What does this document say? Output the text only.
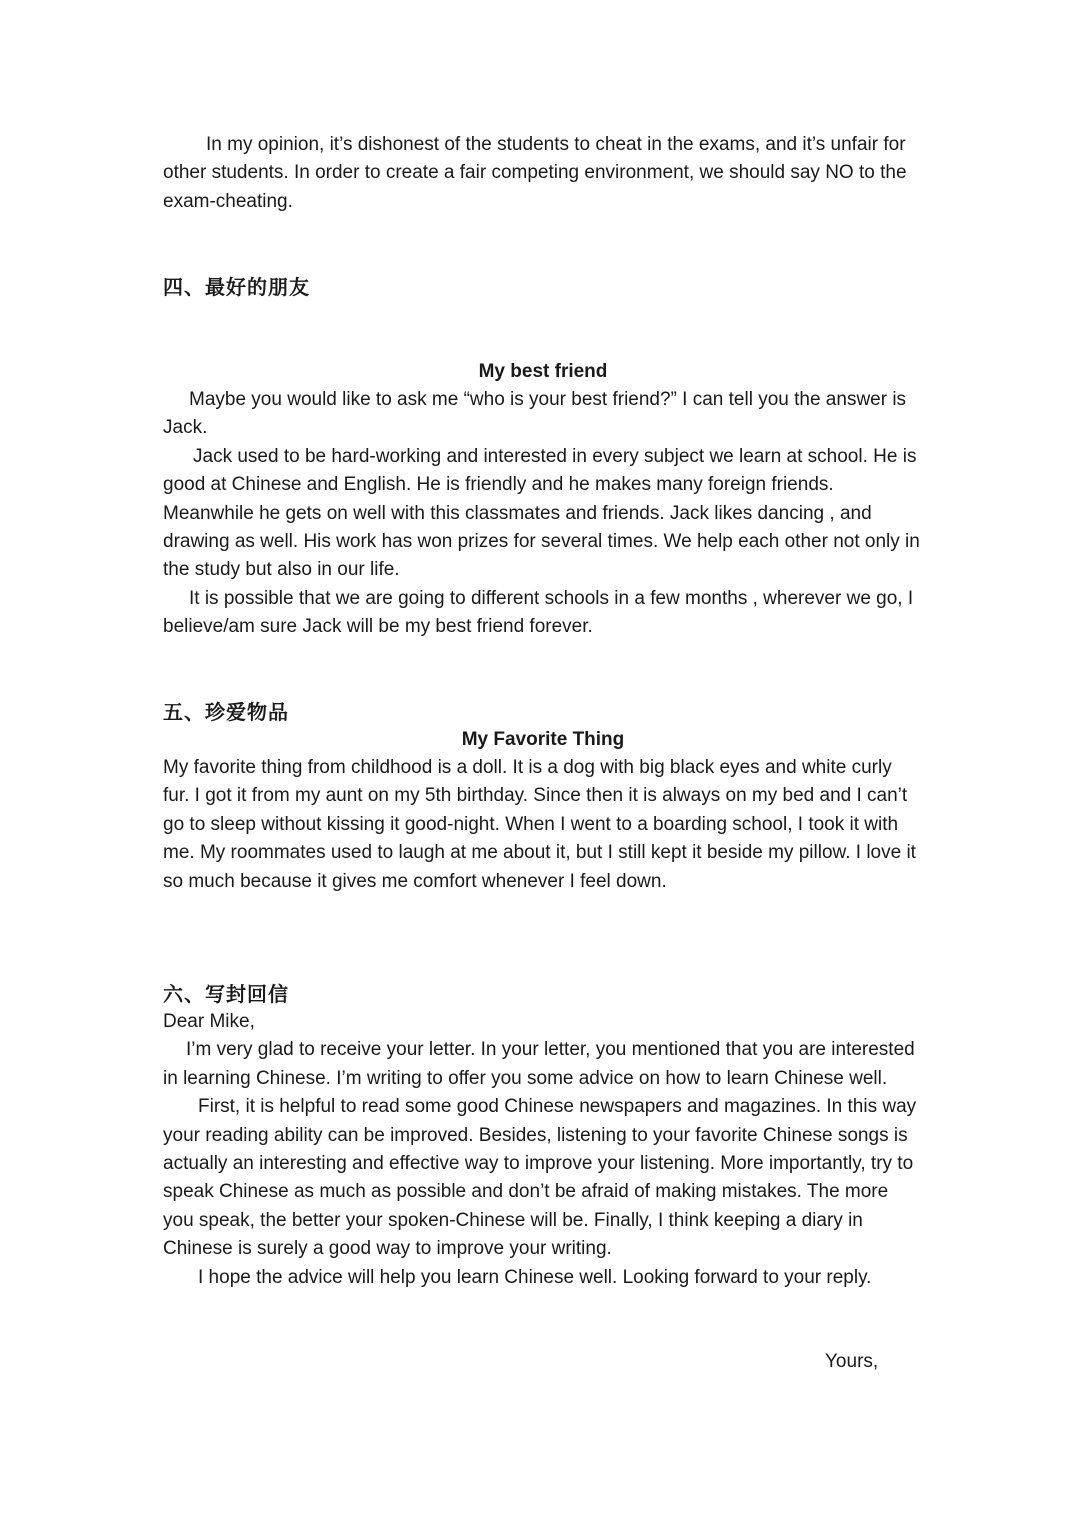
In my opinion, it’s dishonest of the students to cheat in the exams, and it’s unfair for other students. In order to create a fair competing environment, we should say NO to the exam-cheating.

四、最好的朋友
My best friend

Maybe you would like to ask me “who is your best friend?” I can tell you the answer is Jack.

Jack used to be hard-working and interested in every subject we learn at school. He is good at Chinese and English. He is friendly and he makes many foreign friends. Meanwhile he gets on well with this classmates and friends. Jack likes dancing , and drawing as well. His work has won prizes for several times. We help each other not only in the study but also in our life.

It is possible that we are going to different schools in a few months , wherever we go, I believe/am sure Jack will be my best friend forever.

五、珍爱物品
My Favorite Thing

My favorite thing from childhood is a doll. It is a dog with big black eyes and white curly fur. I got it from my aunt on my 5th birthday. Since then it is always on my bed and I can’t go to sleep without kissing it good-night. When I went to a boarding school, I took it with me. My roommates used to laugh at me about it, but I still kept it beside my pillow. I love it so much because it gives me comfort whenever I feel down.

六、写封回信

Dear Mike,

I’m very glad to receive your letter. In your letter, you mentioned that you are interested in learning Chinese. I’m writing to offer you some advice on how to learn Chinese well.

First, it is helpful to read some good Chinese newspapers and magazines. In this way your reading ability can be improved. Besides, listening to your favorite Chinese songs is actually an interesting and effective way to improve your listening. More importantly, try to speak Chinese as much as possible and don’t be afraid of making mistakes. The more you speak, the better your spoken-Chinese will be. Finally, I think keeping a diary in Chinese is surely a good way to improve your writing.

I hope the advice will help you learn Chinese well. Looking forward to your reply.

Yours,
